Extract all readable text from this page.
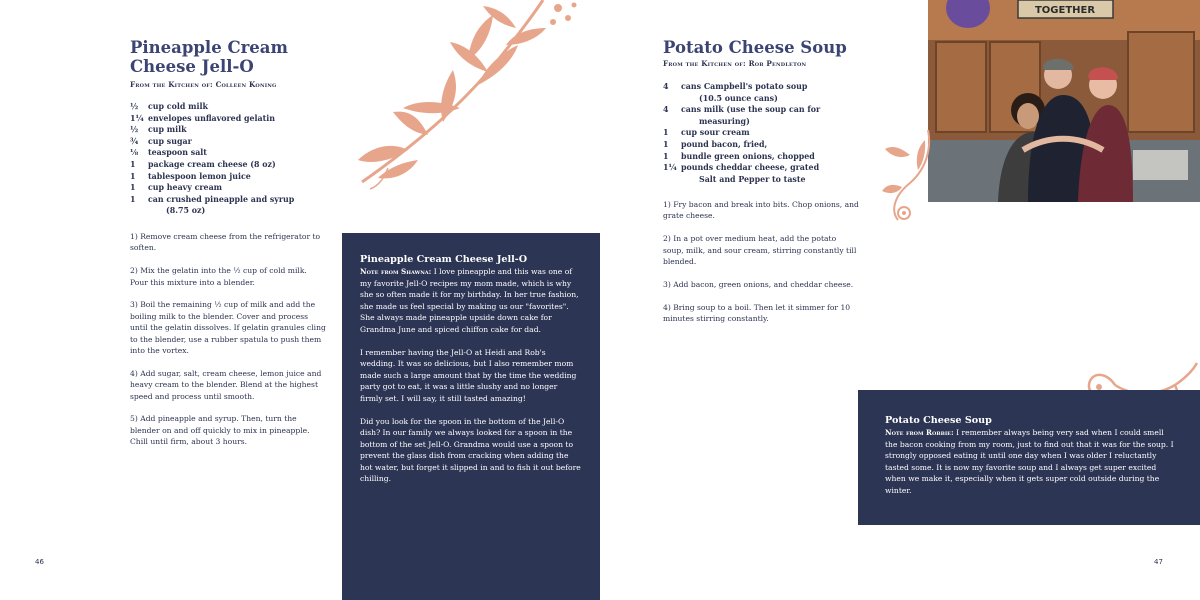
Pineapple Cream
Cheese Jell-O
From the Kitchen of: Colleen Koning
½	cup cold milk
1¼ envelopes unflavored gelatin
½	cup milk
¾	cup sugar
⅛	teaspoon salt
1	package cream cheese (8 oz)
1	tablespoon lemon juice
1	cup heavy cream
1	can crushed pineapple and syrup
(8.75 oz)

1) Remove cream cheese from the refrigerator to soften.

2) Mix the gelatin into the ½ cup of cold milk. Pour this mixture into a blender.

3) Boil the remaining ½ cup of milk and add the boiling milk to the blender. Cover and process until the gelatin dissolves. If gelatin granules cling to the blender, use a rubber spatula to push them into the vortex.

4) Add sugar, salt, cream cheese, lemon juice and heavy cream to the blender. Blend at the highest speed and process until smooth.

5) Add pineapple and syrup. Then, turn the blender on and off quickly to mix in pineapple. Chill until firm, about 3 hours.

Pineapple Cream Cheese Jell-O

Note from Shawna: I love pineapple and this was one of my favorite Jell-O recipes my mom made, which is why she so often made it for my birthday. In her true fashion, she made us feel special by making us our "favorites". She always made pineapple upside down cake for Grandma June and spiced chiffon cake for dad.

I remember having the Jell-O at Heidi and Rob's wedding. It was so delicious, but I also remember mom made such a large amount that by the time the wedding party got to eat, it was a little slushy and no longer firmly set. I will say, it still tasted amazing!

Did you look for the spoon in the bottom of the Jell-O dish? In our family we always looked for a spoon in the bottom of the set Jell-O. Grandma would use a spoon to prevent the glass dish from cracking when adding the hot water, but forget it slipped in and to fish it out before chilling.

46
Potato Cheese Soup
From the Kitchen of: Rob Pendleton
4	cans Campbell's potato soup
(10.5 ounce cans)
4	cans milk (use the soup can for
measuring)
1	cup sour cream
1	pound bacon, fried,
1	bundle green onions, chopped
1¼ pounds cheddar cheese, grated
Salt and Pepper to taste

1) Fry bacon and break into bits. Chop onions, and grate cheese.

2) In a pot over medium heat, add the potato soup, milk, and sour cream, stirring constantly till blended.

3) Add bacon, green onions, and cheddar cheese.

4) Bring soup to a boil. Then let it simmer for 10 minutes stirring constantly.

TOGETHER
Potato Cheese Soup

Note from Robbie: I remember always being very sad when I could smell the bacon cooking from my room, just to find out that it was for the soup. I strongly opposed eating it until one day when I was older I reluctantly tasted some. It is now my favorite soup and I always get super excited when we make it, especially when it gets super cold outside during the winter.

47
